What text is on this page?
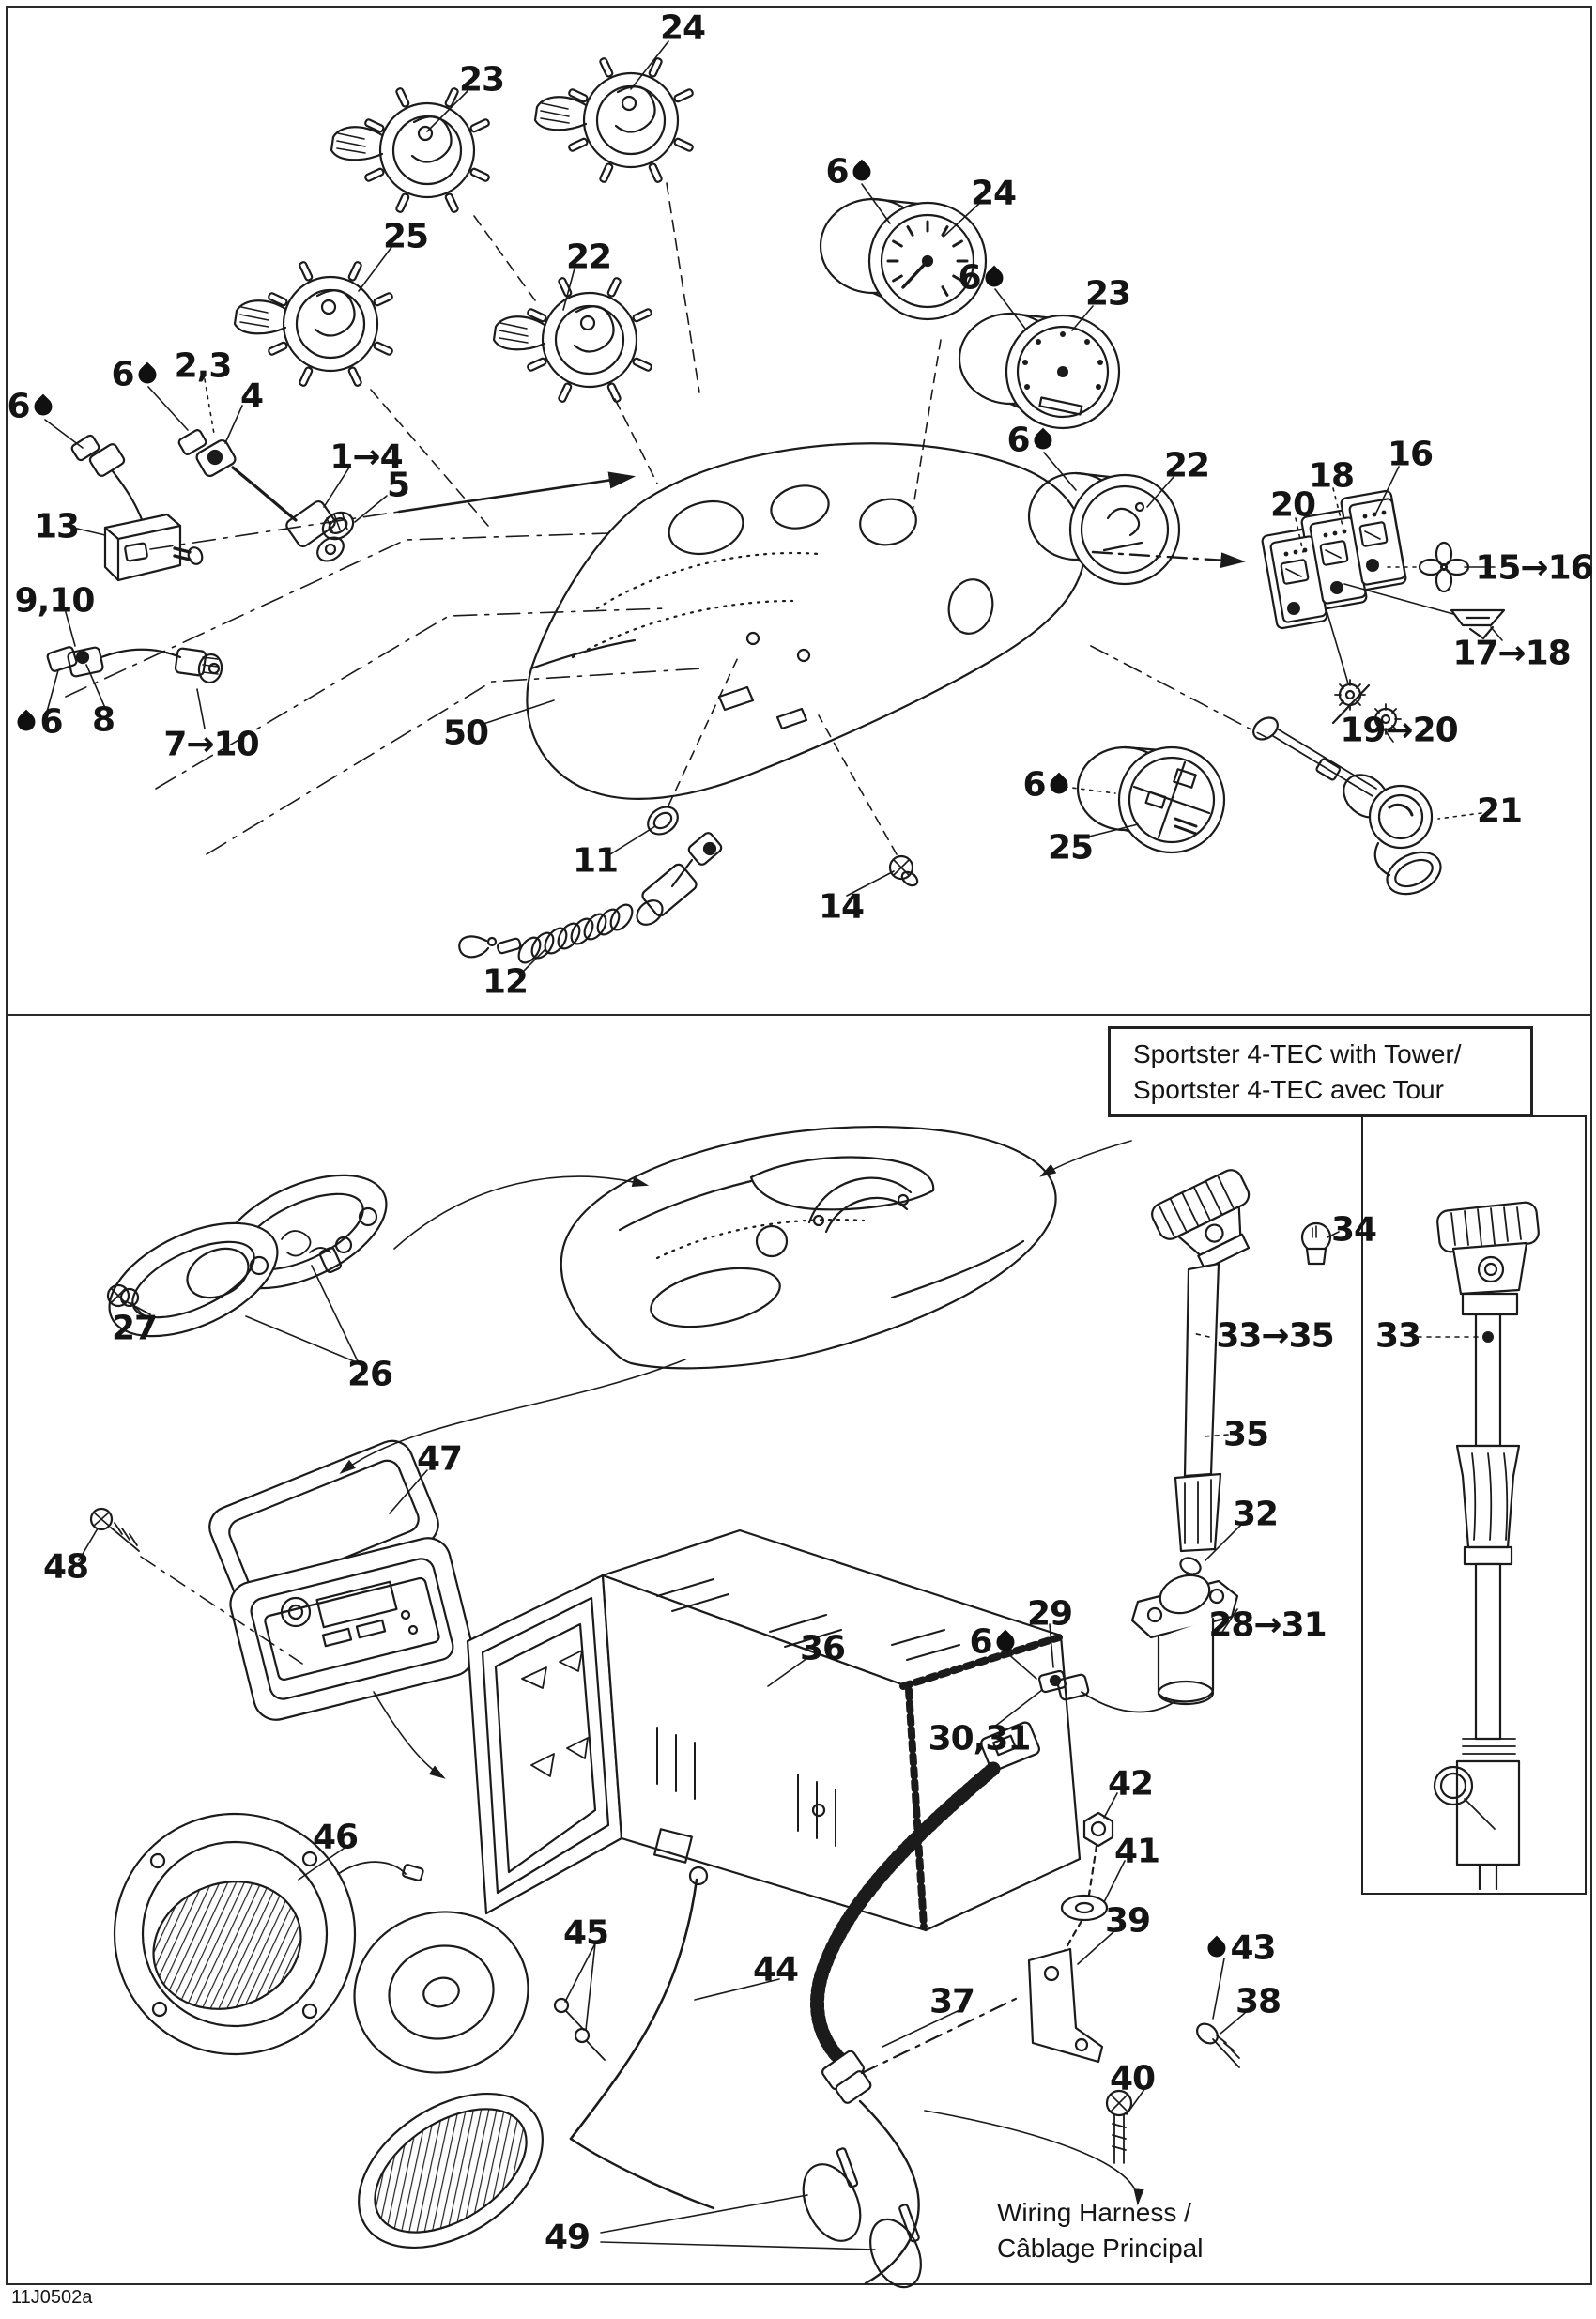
Sportster 4-TEC with Tower/
Sportster 4-TEC avec Tour
Wiring Harness /
Câblage Principal
11J0502a
24
23
25
22
6	2,3
4
6
1→4
5
13
9,10
6 8
7→10	50
11
12
14
6
24
6	23
6
22	16
18
20
15→16
17→18
19→20
6
25
21
27
26
47
48
36
34
33→35 33
35
32
28→31
29
6
30,31
42
41
39
43
38
40
46
45
44
37
49
